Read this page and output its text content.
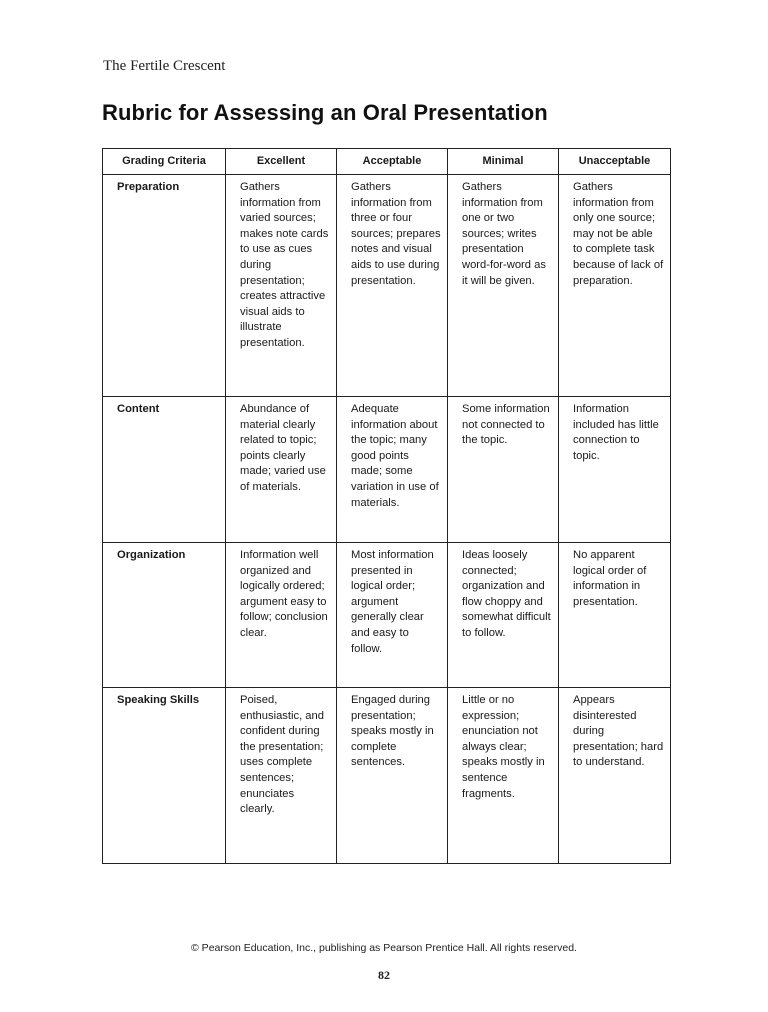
The Fertile Crescent
Rubric for Assessing an Oral Presentation
Grading Criteria	Excellent	Acceptable	Minimal	Unacceptable
Preparation	Gathers information from varied sources; makes note cards to use as cues during presentation; creates attractive visual aids to illustrate presentation.	Gathers information from three or four sources; prepares notes and visual aids to use during presentation.	Gathers information from one or two sources; writes presentation word-for-word as it will be given.	Gathers information from only one source; may not be able to complete task because of lack of preparation.
Content	Abundance of material clearly related to topic; points clearly made; varied use of materials.	Adequate information about the topic; many good points made; some variation in use of materials.	Some information not connected to the topic.	Information included has little connection to topic.
Organization	Information well organized and logically ordered; argument easy to follow; conclusion clear.	Most information presented in logical order; argument generally clear and easy to follow.	Ideas loosely connected; organization and flow choppy and somewhat difficult to follow.	No apparent logical order of information in presentation.
Speaking Skills	Poised, enthusiastic, and confident during the presentation; uses complete sentences; enunciates clearly.	Engaged during presentation; speaks mostly in complete sentences.	Little or no expression; enunciation not always clear; speaks mostly in sentence fragments.	Appears disinterested during presentation; hard to understand.
© Pearson Education, Inc., publishing as Pearson Prentice Hall. All rights reserved.
82
